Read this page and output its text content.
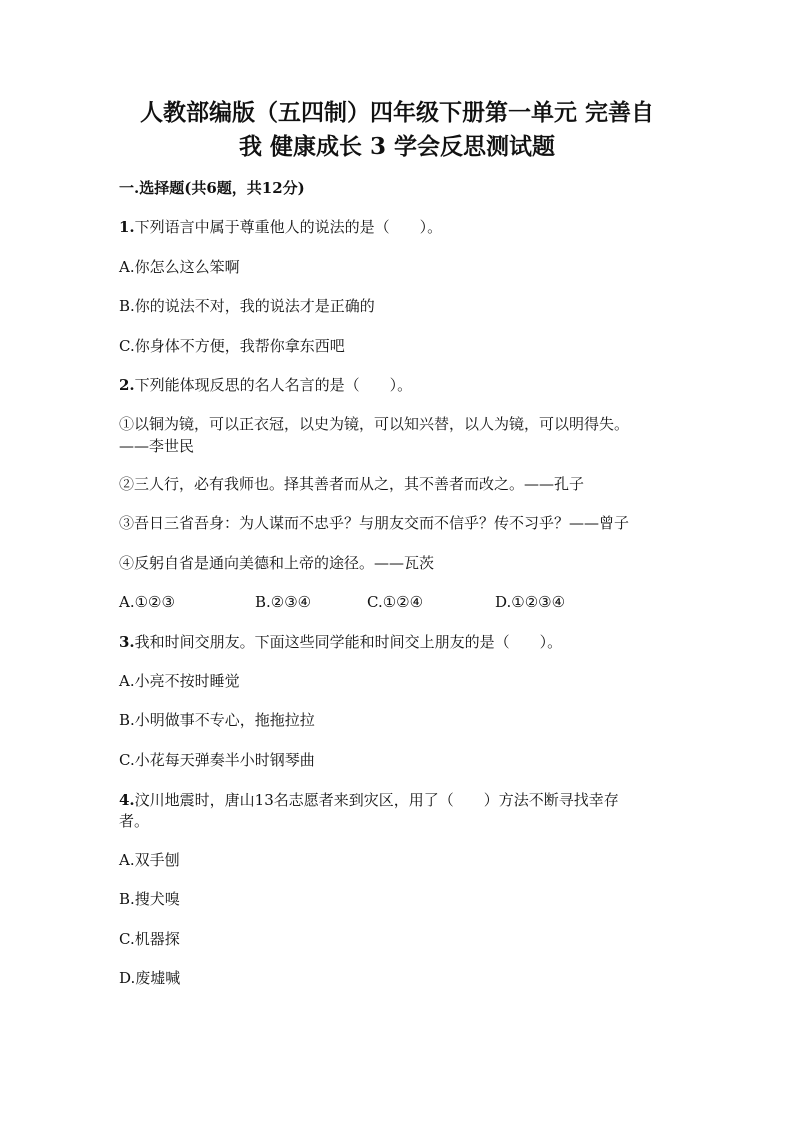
人教部编版（五四制）四年级下册第一单元 完善自
我 健康成长 3 学会反思测试题

一.选择题(共6题，共12分)

1.下列语言中属于尊重他人的说法的是（　　）。

A.你怎么这么笨啊

B.你的说法不对，我的说法才是正确的

C.你身体不方便，我帮你拿东西吧

2.下列能体现反思的名人名言的是（　　）。

①以铜为镜，可以正衣冠，以史为镜，可以知兴替，以人为镜，可以明得失。

——李世民

②三人行，必有我师也。择其善者而从之，其不善者而改之。——孔子

③吾日三省吾身：为人谋而不忠乎？与朋友交而不信乎？传不习乎？——曾子

④反躬自省是通向美德和上帝的途径。——瓦茨

A.①②③	B.②③④	C.①②④	D.①②③④

3.我和时间交朋友。下面这些同学能和时间交上朋友的是（　　）。

A.小亮不按时睡觉

B.小明做事不专心，拖拖拉拉

C.小花每天弹奏半小时钢琴曲

4.汶川地震时，唐山13名志愿者来到灾区，用了（　　）方法不断寻找幸存

者。

A.双手刨

B.搜犬嗅

C.机器探

D.废墟喊
